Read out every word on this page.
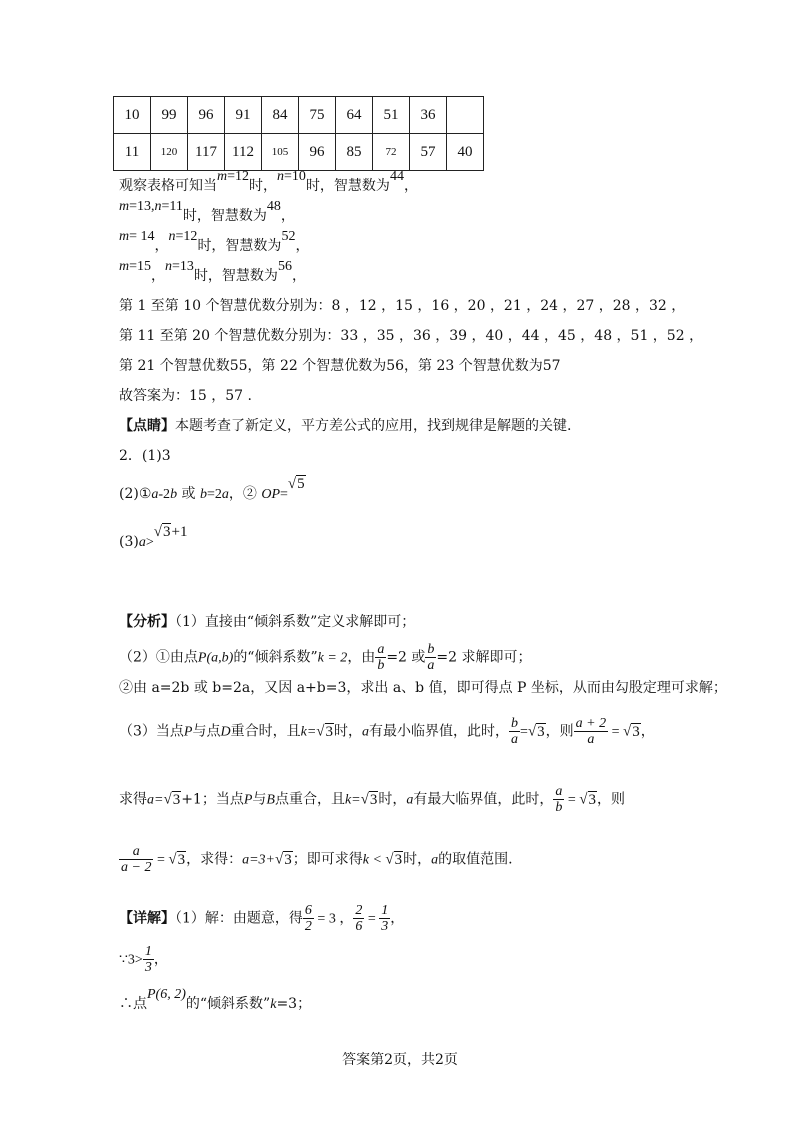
10	99	96	91	84	75	64	51	36	
11	120	117	112	105	96	85	72	57	40
观察表格可知当m=12时，n=10时，智慧数为44，
m=13,n=11时，智慧数为48，
m= 14，n=12时，智慧数为52，
m=15，n=13时，智慧数为56，
第 1 至第 10 个智慧优数分别为：8 ，12 ，15 ，16 ，20 ，21 ，24 ，27 ，28 ，32 ，
第 11 至第 20 个智慧优数分别为：33 ，35 ，36 ，39 ，40 ，44 ，45 ，48 ，51 ，52 ，
第 21 个智慧优数55，第 22 个智慧优数为56，第 23 个智慧优数为57
故答案为：15 ，57 .
【点睛】本题考查了新定义，平方差公式的应用，找到规律是解题的关键.
2．(1)3
(2)①a-2b 或 b=2a，② OP=√5
(3)a>√3+1
【分析】（1）直接由“倾斜系数”定义求解即可；
（2）①由点P(a,b)的“倾斜系数”k = 2，由 $\frac{a}{b} =2$ 或 $\frac{b}{a} =2$ 求解即可；
②由 a=2b 或 b=2a，又因 a+b=3，求出 a、b 值，即可得点 P 坐标，从而由勾股定理可求解；
（3）当点P与点D重合时，且k=√3时，a有最小临界值，此时， $\frac{b}{a} =√3$，则 $\frac{a + 2}{a} = √3$，
求得a=√3+1；当点P与B点重合，且k=√3时，a有最大临界值，此时， $\frac{a}{b} = √3$，则
$\frac{a}{a - 2} = √3$，求得：a=3+√3；即可求得k < √3时，a的取值范围.
【详解】（1）解：由题意，得 $\frac{6}{2} = 3$ ， $\frac{2}{6} = \frac{1}{3}$ ，
∵3> $\frac{1}{3}$ ，
∴点P(6, 2)的“倾斜系数”k=3；
答案第2页，共2页
